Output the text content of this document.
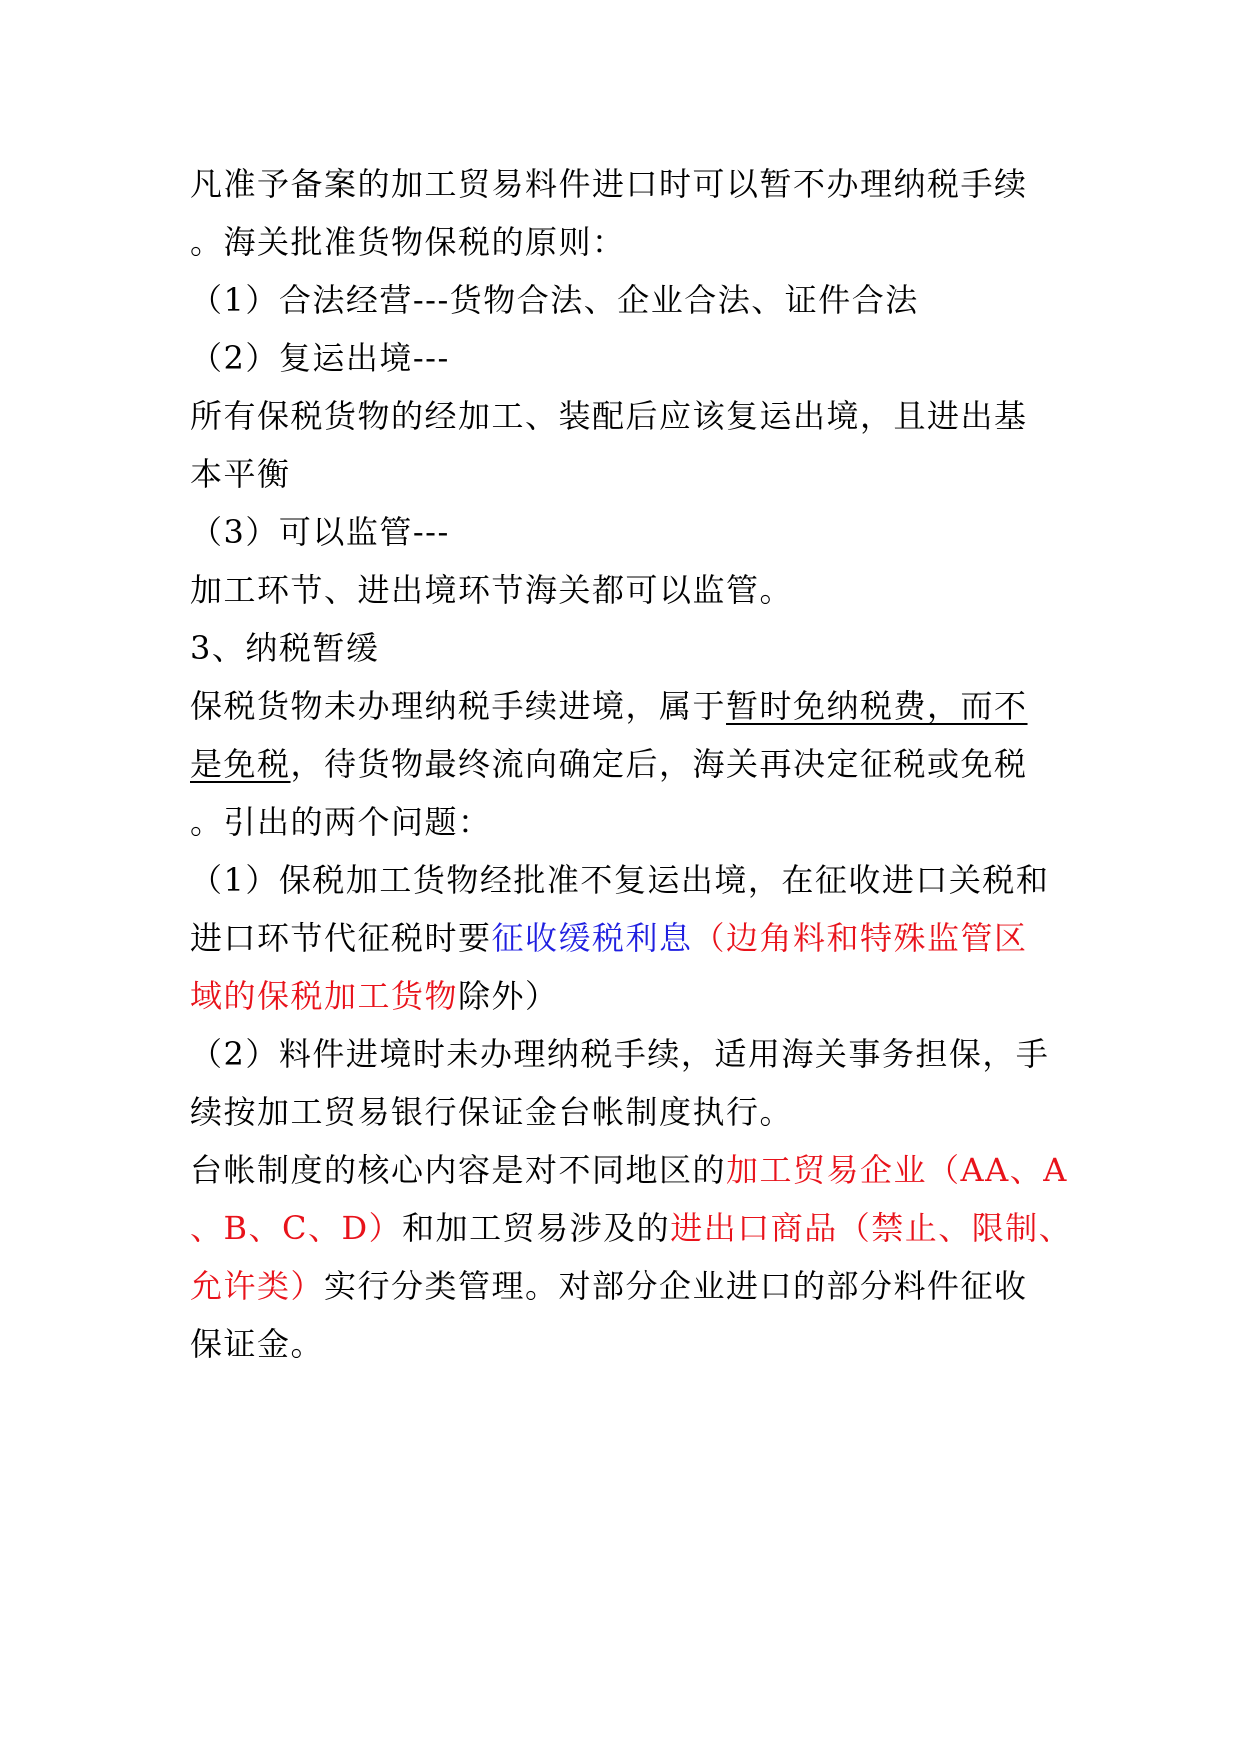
凡准予备案的加工贸易料件进口时可以暂不办理纳税手续
。海关批准货物保税的原则：
（1）合法经营---货物合法、企业合法、证件合法
（2）复运出境---
所有保税货物的经加工、装配后应该复运出境，且进出基
本平衡
（3）可以监管---
加工环节、进出境环节海关都可以监管。
3、纳税暂缓
保税货物未办理纳税手续进境，属于暂时免纳税费，而不
是免税，待货物最终流向确定后，海关再决定征税或免税
。引出的两个问题：
（1）保税加工货物经批准不复运出境，在征收进口关税和
进口环节代征税时要征收缓税利息（边角料和特殊监管区
域的保税加工货物除外）
（2）料件进境时未办理纳税手续，适用海关事务担保，手
续按加工贸易银行保证金台帐制度执行。
台帐制度的核心内容是对不同地区的加工贸易企业（AA、A
、B、C、D）和加工贸易涉及的进出口商品（禁止、限制、
允许类）实行分类管理。对部分企业进口的部分料件征收
保证金。
